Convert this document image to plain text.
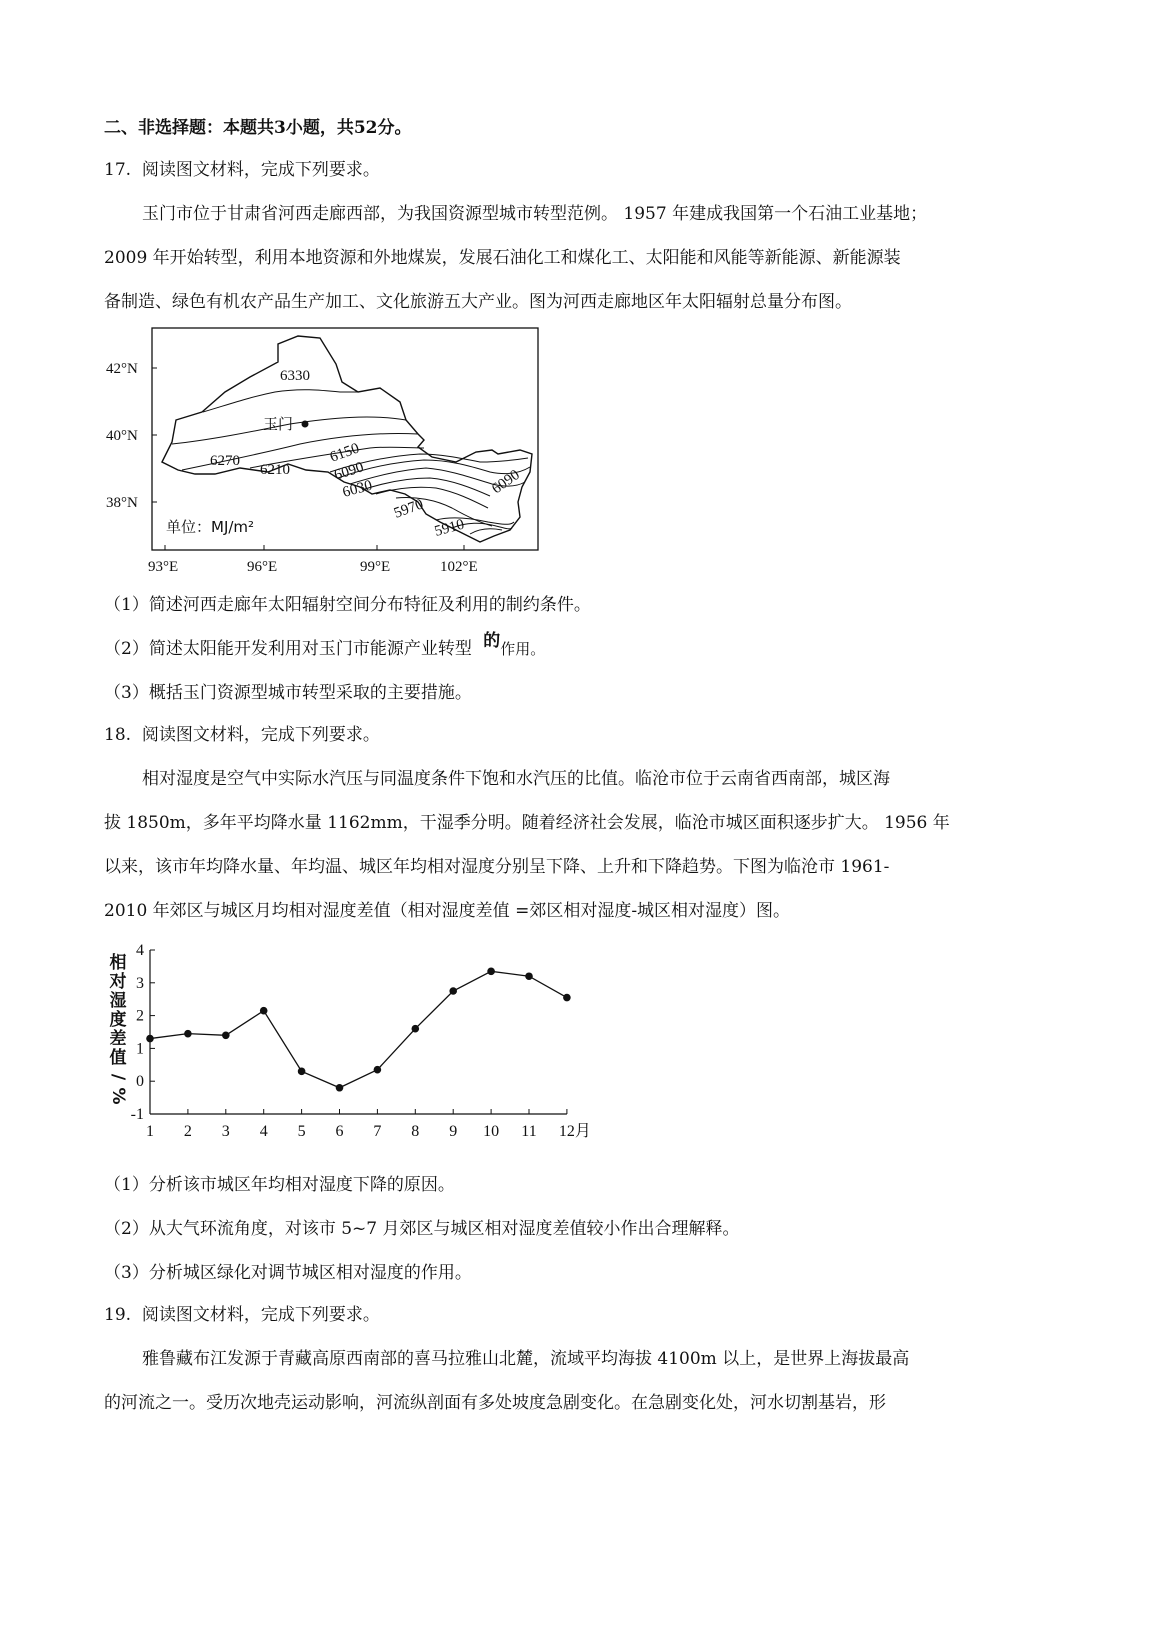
二、非选择题：本题共3小题，共52分。
17. 阅读图文材料，完成下列要求。
玉门市位于甘肃省河西走廊西部，为我国资源型城市转型范例。 1957 年建成我国第一个石油工业基地；
2009 年开始转型，利用本地资源和外地煤炭，发展石油化工和煤化工、太阳能和风能等新能源、新能源装
备制造、绿色有机农产品生产加工、文化旅游五大产业。图为河西走廊地区年太阳辐射总量分布图。
42°N
40°N
38°N
93°E	96°E	99°E	102°E
玉门
6330
6270
6210
6150
6090
6030
5970
5910
6090
单位：MJ/m²
（1）简述河西走廊年太阳辐射空间分布特征及利用的制约条件。
（2）简述太阳能开发利用对玉门市能源产业转型 的作用。
（3）概括玉门资源型城市转型采取的主要措施。
18. 阅读图文材料，完成下列要求。
相对湿度是空气中实际水汽压与同温度条件下饱和水汽压的比值。临沧市位于云南省西南部，城区海
拔 1850m，多年平均降水量 1162mm，干湿季分明。随着经济社会发展，临沧市城区面积逐步扩大。 1956 年
以来，该市年均降水量、年均温、城区年均相对湿度分别呈下降、上升和下降趋势。下图为临沧市 1961-
2010 年郊区与城区月均相对湿度差值（相对湿度差值 =郊区相对湿度-城区相对湿度）图。
相
对
湿
度
差
值
/
%
4
3
2
1
0
-1
1 2 3 4 5 6 7 8 9 10 11 12月
（1）分析该市城区年均相对湿度下降的原因。
（2）从大气环流角度，对该市 5~7 月郊区与城区相对湿度差值较小作出合理解释。
（3）分析城区绿化对调节城区相对湿度的作用。
19. 阅读图文材料，完成下列要求。
雅鲁藏布江发源于青藏高原西南部的喜马拉雅山北麓，流域平均海拔 4100m 以上，是世界上海拔最高
的河流之一。受历次地壳运动影响，河流纵剖面有多处坡度急剧变化。在急剧变化处，河水切割基岩，形
